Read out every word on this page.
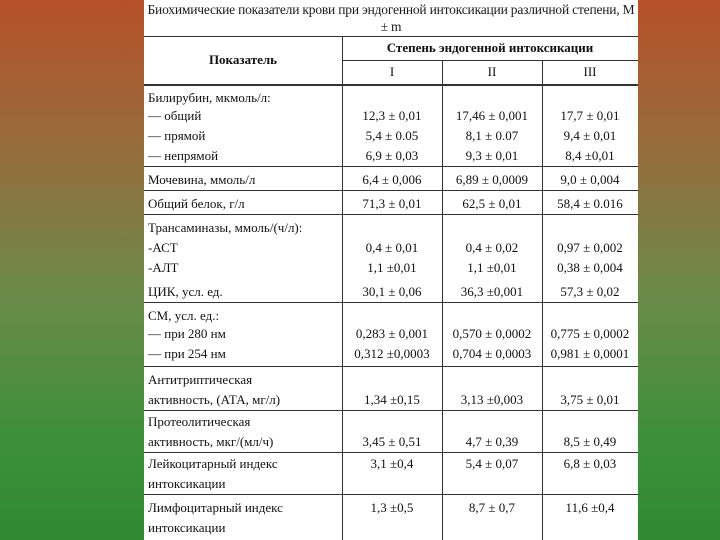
Биохимические показатели крови при эндогенной интоксикации различной степени, M ± m
Показатель
Степень эндогенной интоксикации
I	II	III
Билирубин, мкмоль/л:
— общий	12,3 ± 0,01	17,46 ± 0,001	17,7 ± 0,01
— прямой	5,4 ± 0.05	8,1 ± 0.07	9,4 ± 0,01
— непрямой	6,9 ± 0,03	9,3 ± 0,01	8,4 ±0,01
Мочевина, ммоль/л	6,4 ± 0,006	6,89 ± 0,0009	9,0 ± 0,004
Общий белок, г/л	71,3 ± 0,01	62,5 ± 0,01	58,4 ± 0.016
Трансаминазы, ммоль/(ч/л):
-АСТ	0,4 ± 0,01	0,4 ± 0,02	0,97 ± 0,002
-АЛТ	1,1 ±0,01	1,1 ±0,01	0,38 ± 0,004
ЦИК, усл. ед.	30,1 ± 0,06	36,3 ±0,001	57,3 ± 0,02
СМ, усл. ед.:
— при 280 нм	0,283 ± 0,001	0,570 ± 0,0002	0,775 ± 0,0002
— при 254 нм	0,312 ±0,0003	0,704 ± 0,0003	0,981 ± 0,0001
Антитриптическая
активность, (АТА, мг/л)	1,34 ±0,15	3,13 ±0,003	3,75 ± 0,01
Протеолитическая
активность, мкг/(мл/ч)	3,45 ± 0,51	4,7 ± 0,39	8,5 ± 0,49
Лейкоцитарный индекс	3,1 ±0,4	5,4 ± 0,07	6,8 ± 0,03
интоксикации
Лимфоцитарный индекс	1,3 ±0,5	8,7 ± 0,7	11,6 ±0,4
интоксикации
